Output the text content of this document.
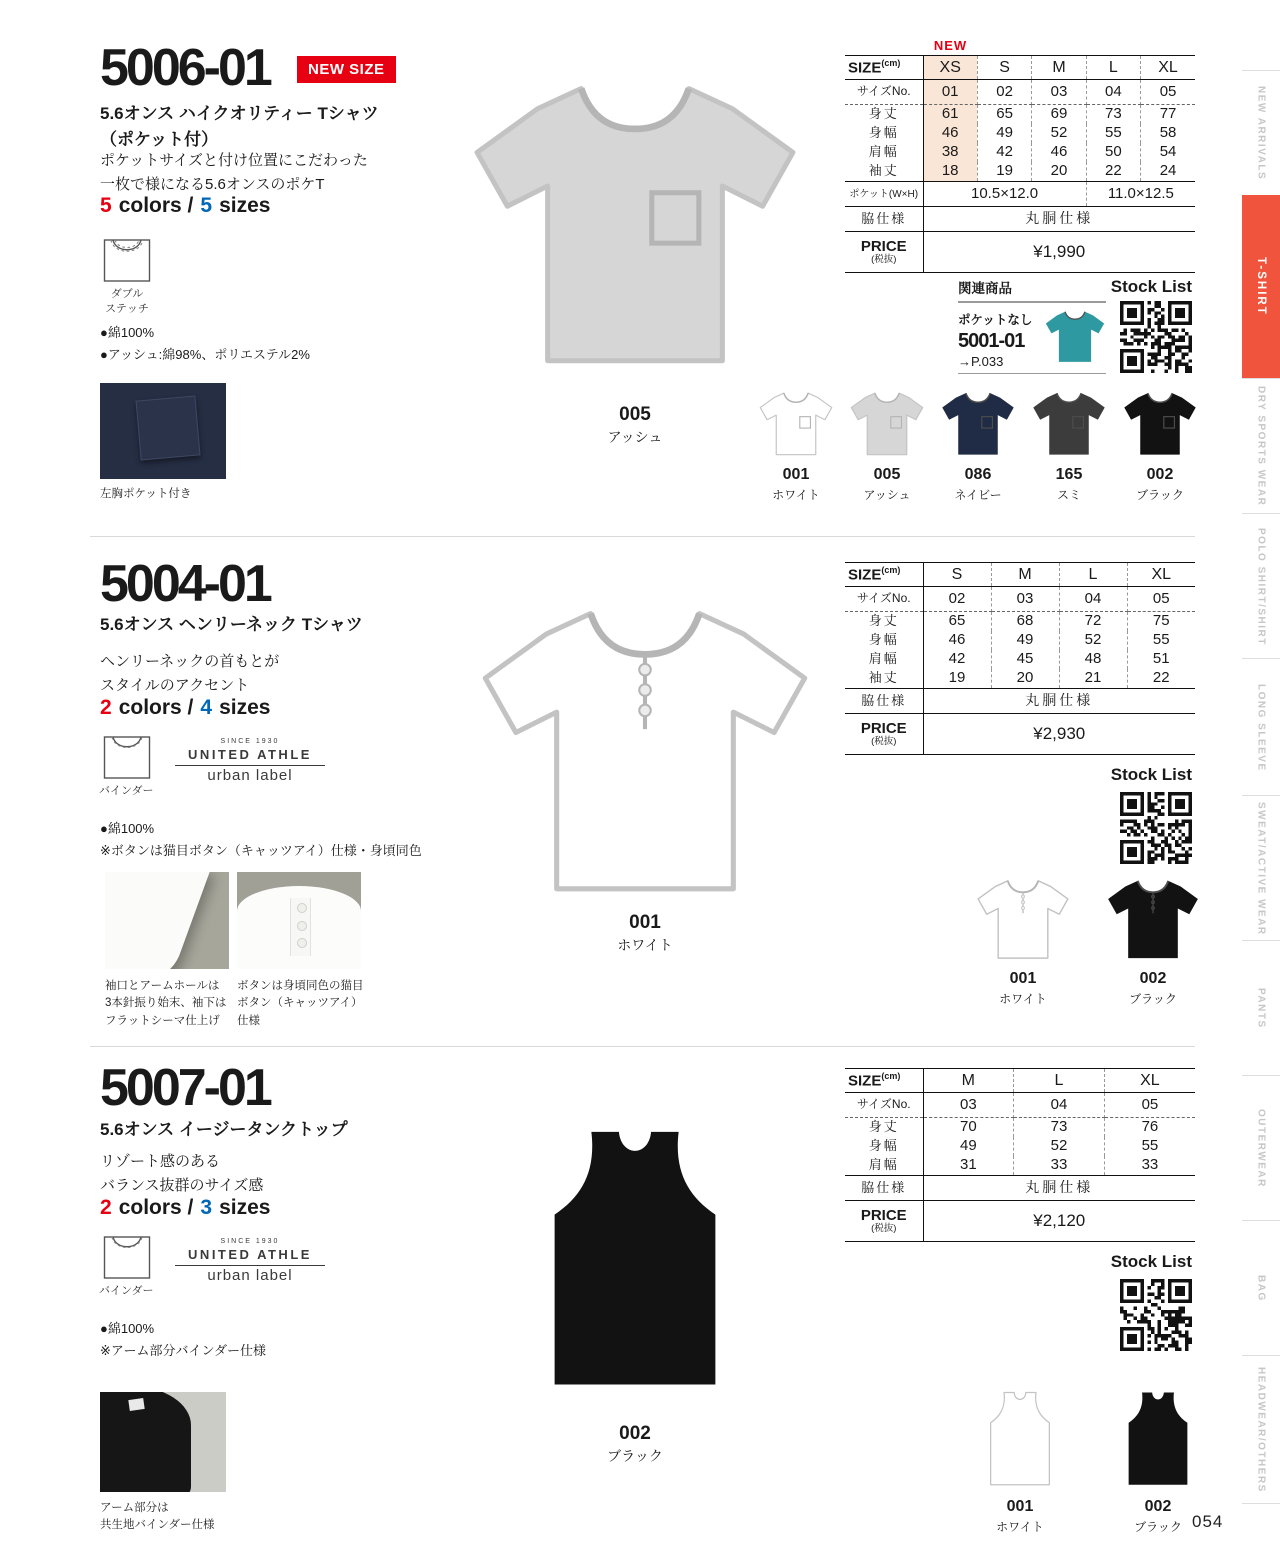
5006-01	NEW SIZE
5.6オンス ハイクオリティー Tシャツ
（ポケット付）
ポケットサイズと付け位置にこだわった
一枚で様になる5.6オンスのポケT
5 colors / 5 sizes
ダブル
ステッチ
●綿100%
●アッシュ:綿98%、ポリエステル2%
左胸ポケット付き
005
アッシュ
NEW
$SIZE^{(cm)}$	XS	S	M	L	XL
サイズNo.	01	02	03	04	05
身丈	61	65	69	73	77
身幅	46	49	52	55	58
肩幅	38	42	46	50	54
袖丈	18	19	20	22	24
ポケット(W×H)	10.5×12.0			11.0×12.5	
脇仕様	丸胴仕様				

PRICE
(税抜)	¥1,990				
関連商品
ポケットなし
5001-01
→P.033
Stock List
001
ホワイト
005
アッシュ
086
ネイビー
165
スミ
002
ブラック
5004-01
5.6オンス ヘンリーネック Tシャツ
ヘンリーネックの首もとが
スタイルのアクセント
2 colors / 4 sizes
SINCE 1930
UNITED ATHLE
urban label
バインダー
●綿100%
※ボタンは猫目ボタン（キャッツアイ）仕様・身頃同色
袖口とアームホールは
3本針振り始末、袖下は
フラットシーマ仕上げ
ボタンは身頃同色の猫目
ボタン（キャッツアイ）
仕様
001
ホワイト
$SIZE^{(cm)}$	S	M	L	XL
サイズNo.	02	03	04	05
身丈	65	68	72	75
身幅	46	49	52	55
肩幅	42	45	48	51
袖丈	19	20	21	22
脇仕様	丸胴仕様			

PRICE
(税抜)	¥2,930			
Stock List
001
ホワイト
002
ブラック
5007-01
5.6オンス イージータンクトップ
リゾート感のある
バランス抜群のサイズ感
2 colors / 3 sizes
SINCE 1930
UNITED ATHLE
urban label
バインダー
●綿100%
※アーム部分バインダー仕様
アーム部分は
共生地バインダー仕様
002
ブラック
$SIZE^{(cm)}$	M	L	XL
サイズNo.	03	04	05
身丈	70	73	76
身幅	49	52	55
肩幅	31	33	33
脇仕様	丸胴仕様		

PRICE
(税抜)	¥2,120		
Stock List
001
ホワイト
002
ブラック
NEW ARRIVALS
T-SHIRT
DRY SPORTS WEAR
POLO SHIRT/SHIRT
LONG SLEEVE
SWEAT/ACTIVE WEAR
PANTS
OUTERWEAR
BAG
HEADWEAR/OTHERS
054
